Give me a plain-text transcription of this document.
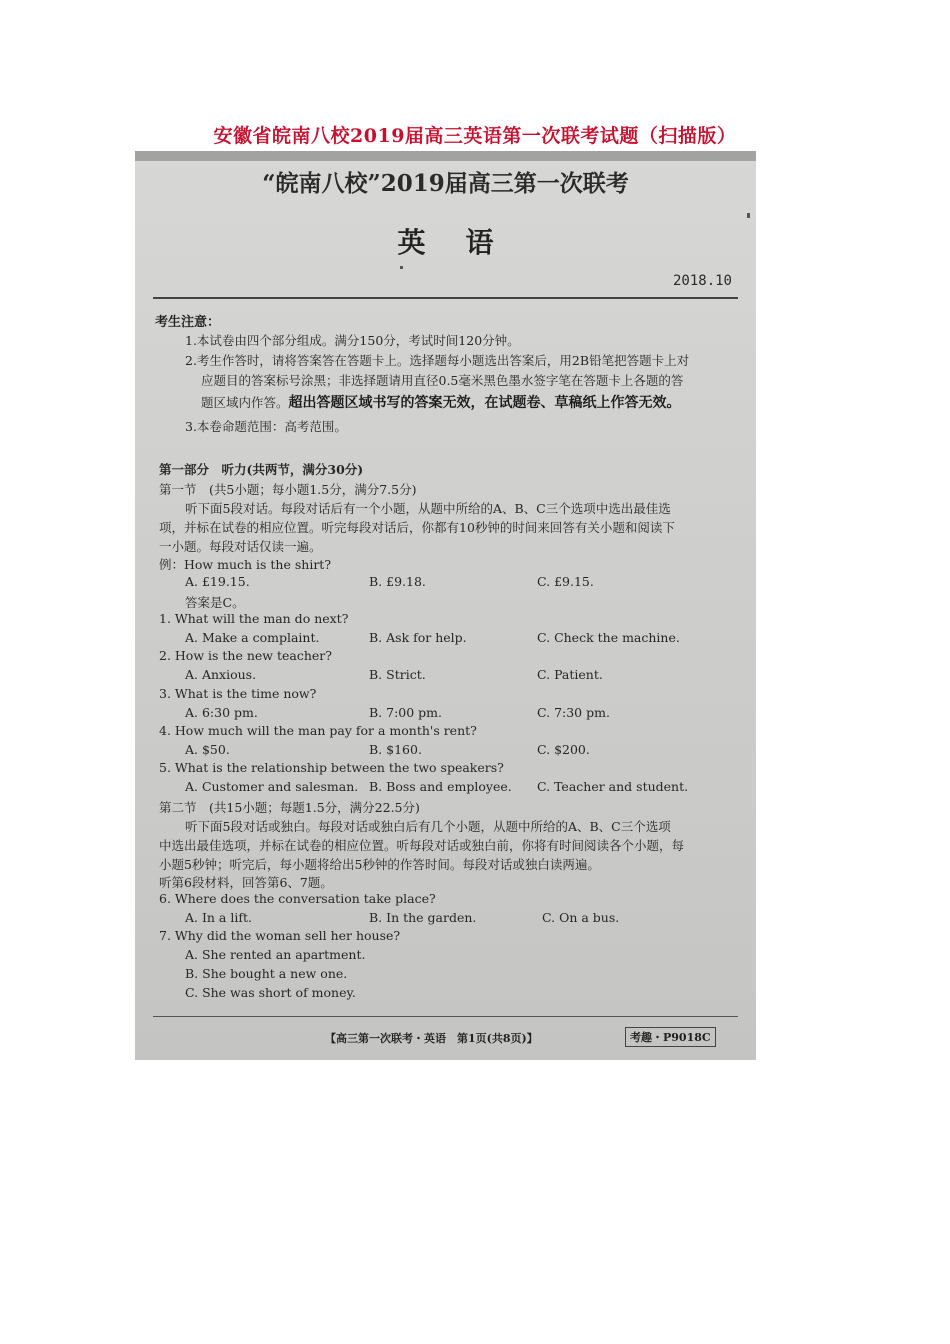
安徽省皖南八校2019届高三英语第一次联考试题（扫描版）
“皖南八校”2019届高三第一次联考
英语
2018.10
考生注意：
1.本试卷由四个部分组成。满分150分，考试时间120分钟。
2.考生作答时，请将答案答在答题卡上。选择题每小题选出答案后，用2B铅笔把答题卡上对
应题目的答案标号涂黑；非选择题请用直径0.5毫米黑色墨水签字笔在答题卡上各题的答
题区域内作答。超出答题区域书写的答案无效，在试题卷、草稿纸上作答无效。
3.本卷命题范围：高考范围。
第一部分　听力(共两节，满分30分)
第一节　(共5小题；每小题1.5分，满分7.5分)
听下面5段对话。每段对话后有一个小题，从题中所给的A、B、C三个选项中选出最佳选
项，并标在试卷的相应位置。听完每段对话后，你都有10秒钟的时间来回答有关小题和阅读下
一小题。每段对话仅读一遍。
例：How much is the shirt?
A. £19.15.	B. £9.18.	C. £9.15.
答案是C。
1. What will the man do next?
A. Make a complaint.	B. Ask for help.	C. Check the machine.
2. How is the new teacher?
A. Anxious.	B. Strict.	C. Patient.
3. What is the time now?
A. 6:30 pm.	B. 7:00 pm.	C. 7:30 pm.
4. How much will the man pay for a month's rent?
A. $50.	B. $160.	C. $200.
5. What is the relationship between the two speakers?
A. Customer and salesman. B. Boss and employee. C. Teacher and student.
第二节　(共15小题；每题1.5分，满分22.5分)
听下面5段对话或独白。每段对话或独白后有几个小题，从题中所给的A、B、C三个选项
中选出最佳选项，并标在试卷的相应位置。听每段对话或独白前，你将有时间阅读各个小题，每
小题5秒钟；听完后，每小题将给出5秒钟的作答时间。每段对话或独白读两遍。
听第6段材料，回答第6、7题。
6. Where does the conversation take place?
A. In a lift.	B. In the garden.	C. On a bus.
7. Why did the woman sell her house?
A. She rented an apartment.
B. She bought a new one.
C. She was short of money.
【高三第一次联考・英语　第1页(共8页)】	考趣・P9018C
